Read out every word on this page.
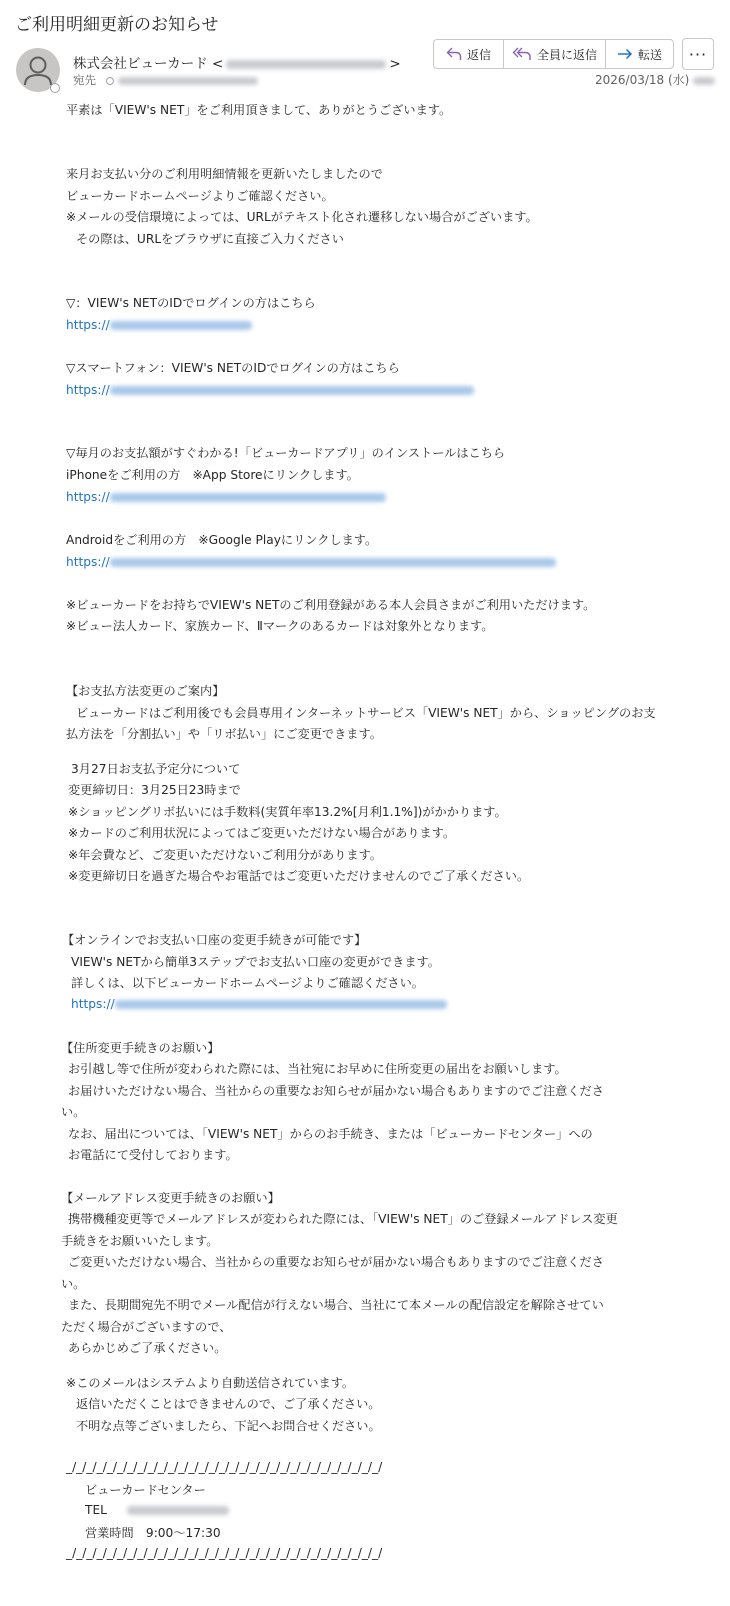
ご利用明細更新のお知らせ
株式会社ビューカード <	>
宛先
返信	全員に返信	転送 ···
2026/03/18 (水)
平素は「VIEW's NET」をご利用頂きまして、ありがとうございます。
来月お支払い分のご利用明細情報を更新いたしましたので
ビューカードホームページよりご確認ください。
※メールの受信環境によっては、URLがテキスト化され遷移しない場合がございます。
その際は、URLをブラウザに直接ご入力ください
▽：VIEW's NETのIDでログインの方はこちら
https://
▽スマートフォン：VIEW's NETのIDでログインの方はこちら
https://
▽毎月のお支払額がすぐわかる!「ビューカードアプリ」のインストールはこちら
iPhoneをご利用の方　※App Storeにリンクします。
https://
Androidをご利用の方　※Google Playにリンクします。
https://
※ビューカードをお持ちでVIEW's NETのご利用登録がある本人会員さまがご利用いただけます。
※ビュー法人カード、家族カード、Ⅱマークのあるカードは対象外となります。
【お支払方法変更のご案内】
ビューカードはご利用後でも会員専用インターネットサービス「VIEW's NET」から、ショッピングのお支
払方法を「分割払い」や「リボ払い」にご変更できます。
3月27日お支払予定分について
変更締切日：3月25日23時まで
※ショッピングリボ払いには手数料(実質年率13.2%[月利1.1%])がかかります。
※カードのご利用状況によってはご変更いただけない場合があります。
※年会費など、ご変更いただけないご利用分があります。
※変更締切日を過ぎた場合やお電話ではご変更いただけませんのでご了承ください。
【オンラインでお支払い口座の変更手続きが可能です】
VIEW's NETから簡単3ステップでお支払い口座の変更ができます。
詳しくは、以下ビューカードホームページよりご確認ください。
https://
【住所変更手続きのお願い】
お引越し等で住所が変わられた際には、当社宛にお早めに住所変更の届出をお願いします。
お届けいただけない場合、当社からの重要なお知らせが届かない場合もありますのでご注意くださ
い。
なお、届出については、「VIEW's NET」からのお手続き、または「ビューカードセンター」への
お電話にて受付しております。
【メールアドレス変更手続きのお願い】
携帯機種変更等でメールアドレスが変わられた際には、「VIEW's NET」のご登録メールアドレス変更
手続きをお願いいたします。
ご変更いただけない場合、当社からの重要なお知らせが届かない場合もありますのでご注意くださ
い。
また、長期間宛先不明でメール配信が行えない場合、当社にて本メールの配信設定を解除させてい
ただく場合がございますので、
あらかじめご了承ください。
※このメールはシステムより自動送信されています。
返信いただくことはできませんので、ご了承ください。
不明な点等ございましたら、下記へお問合せください。
_/_/_/_/_/_/_/_/_/_/_/_/_/_/_/_/_/_/_/_/_/_/_/_/_/_/_/_/_/_/_/
ビューカードセンター
TEL
営業時間　9:00～17:30
_/_/_/_/_/_/_/_/_/_/_/_/_/_/_/_/_/_/_/_/_/_/_/_/_/_/_/_/_/_/_/
